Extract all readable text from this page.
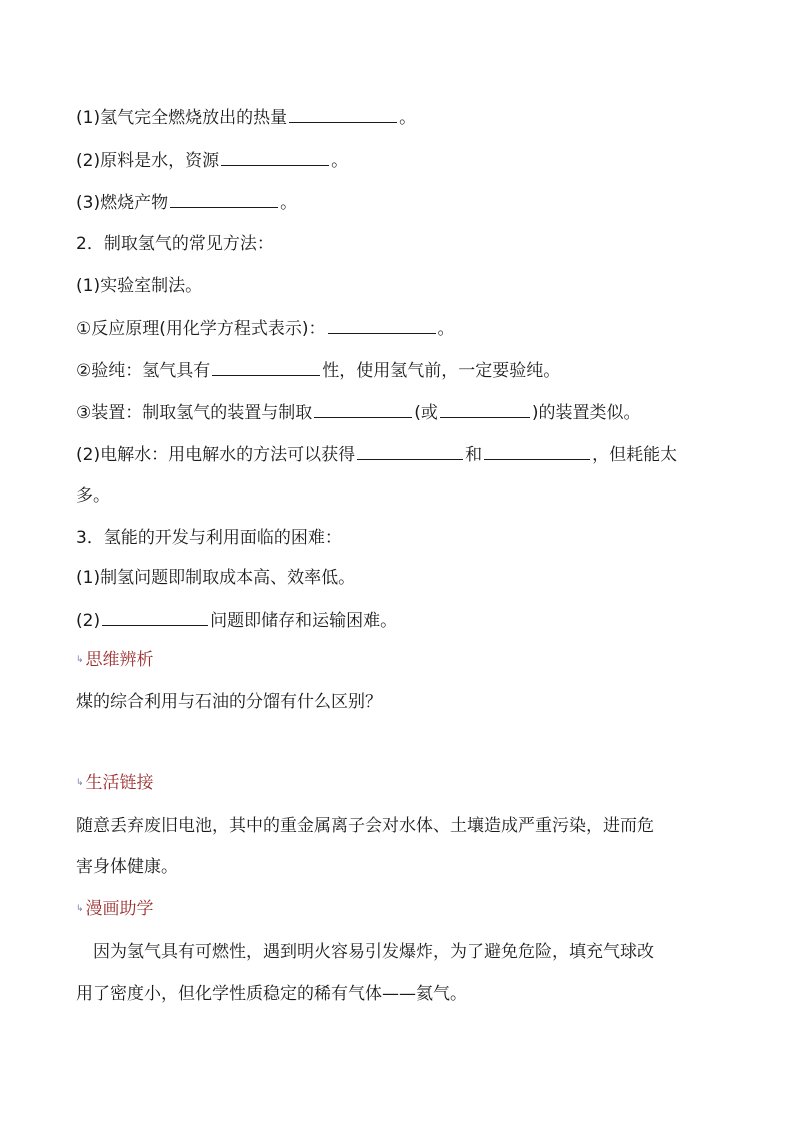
(1)氢气完全燃烧放出的热量	。
(2)原料是水，资源	。
(3)燃烧产物	。
2．制取氢气的常见方法：
(1)实验室制法。
①反应原理(用化学方程式表示)：	。
②验纯：氢气具有	性，使用氢气前，一定要验纯。
③装置：制取氢气的装置与制取	(或	)的装置类似。
(2)电解水：用电解水的方法可以获得	和	，但耗能太
多。
3．氢能的开发与利用面临的困难：
(1)制氢问题即制取成本高、效率低。
(2)	问题即储存和运输困难。
↳ 思维辨析
煤的综合利用与石油的分馏有什么区别？
↳ 生活链接
随意丢弃废旧电池，其中的重金属离子会对水体、土壤造成严重污染，进而危
害身体健康。
↳ 漫画助学
因为氢气具有可燃性，遇到明火容易引发爆炸，为了避免危险，填充气球改
用了密度小，但化学性质稳定的稀有气体——氦气。
